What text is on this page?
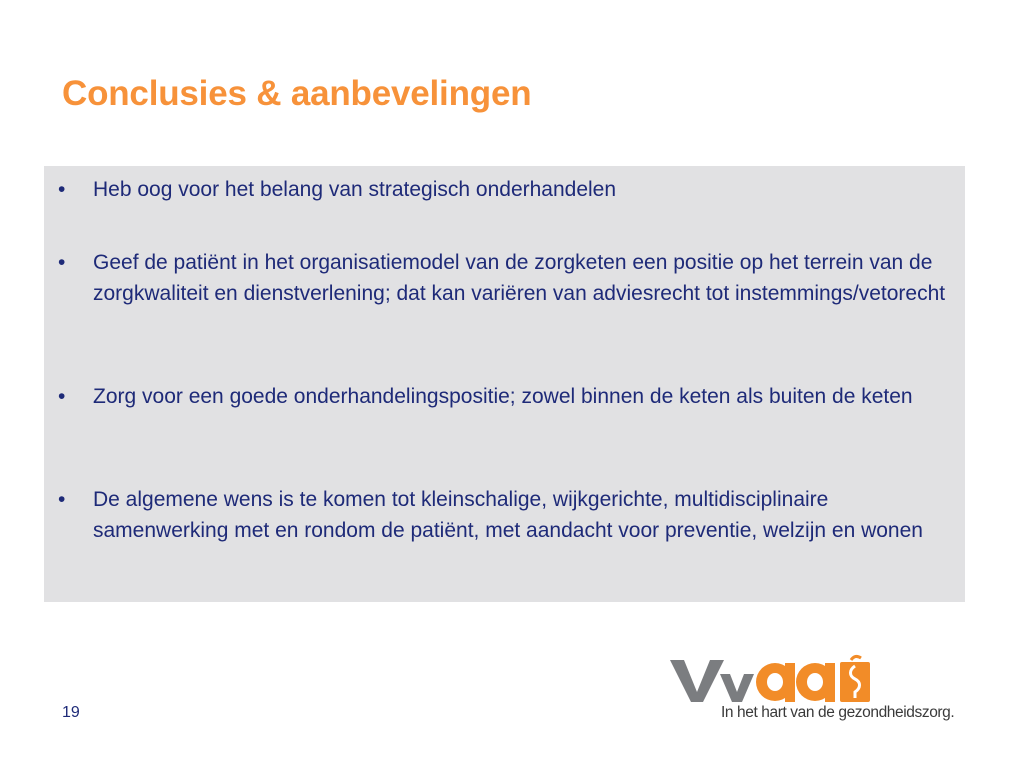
Conclusies & aanbevelingen
• Heb oog voor het belang van strategisch onderhandelen
• Geef de patiënt in het organisatiemodel van de zorgketen een positie op het terrein van de zorgkwaliteit en dienstverlening; dat kan variëren van adviesrecht tot instemmings/vetorecht
• Zorg voor een goede onderhandelingspositie; zowel binnen de keten als buiten de keten
• De algemene wens is te komen tot kleinschalige, wijkgerichte, multidisciplinaire samenwerking met en rondom de patiënt, met aandacht voor preventie, welzijn en wonen
19	In het hart van de gezondheidszorg.
